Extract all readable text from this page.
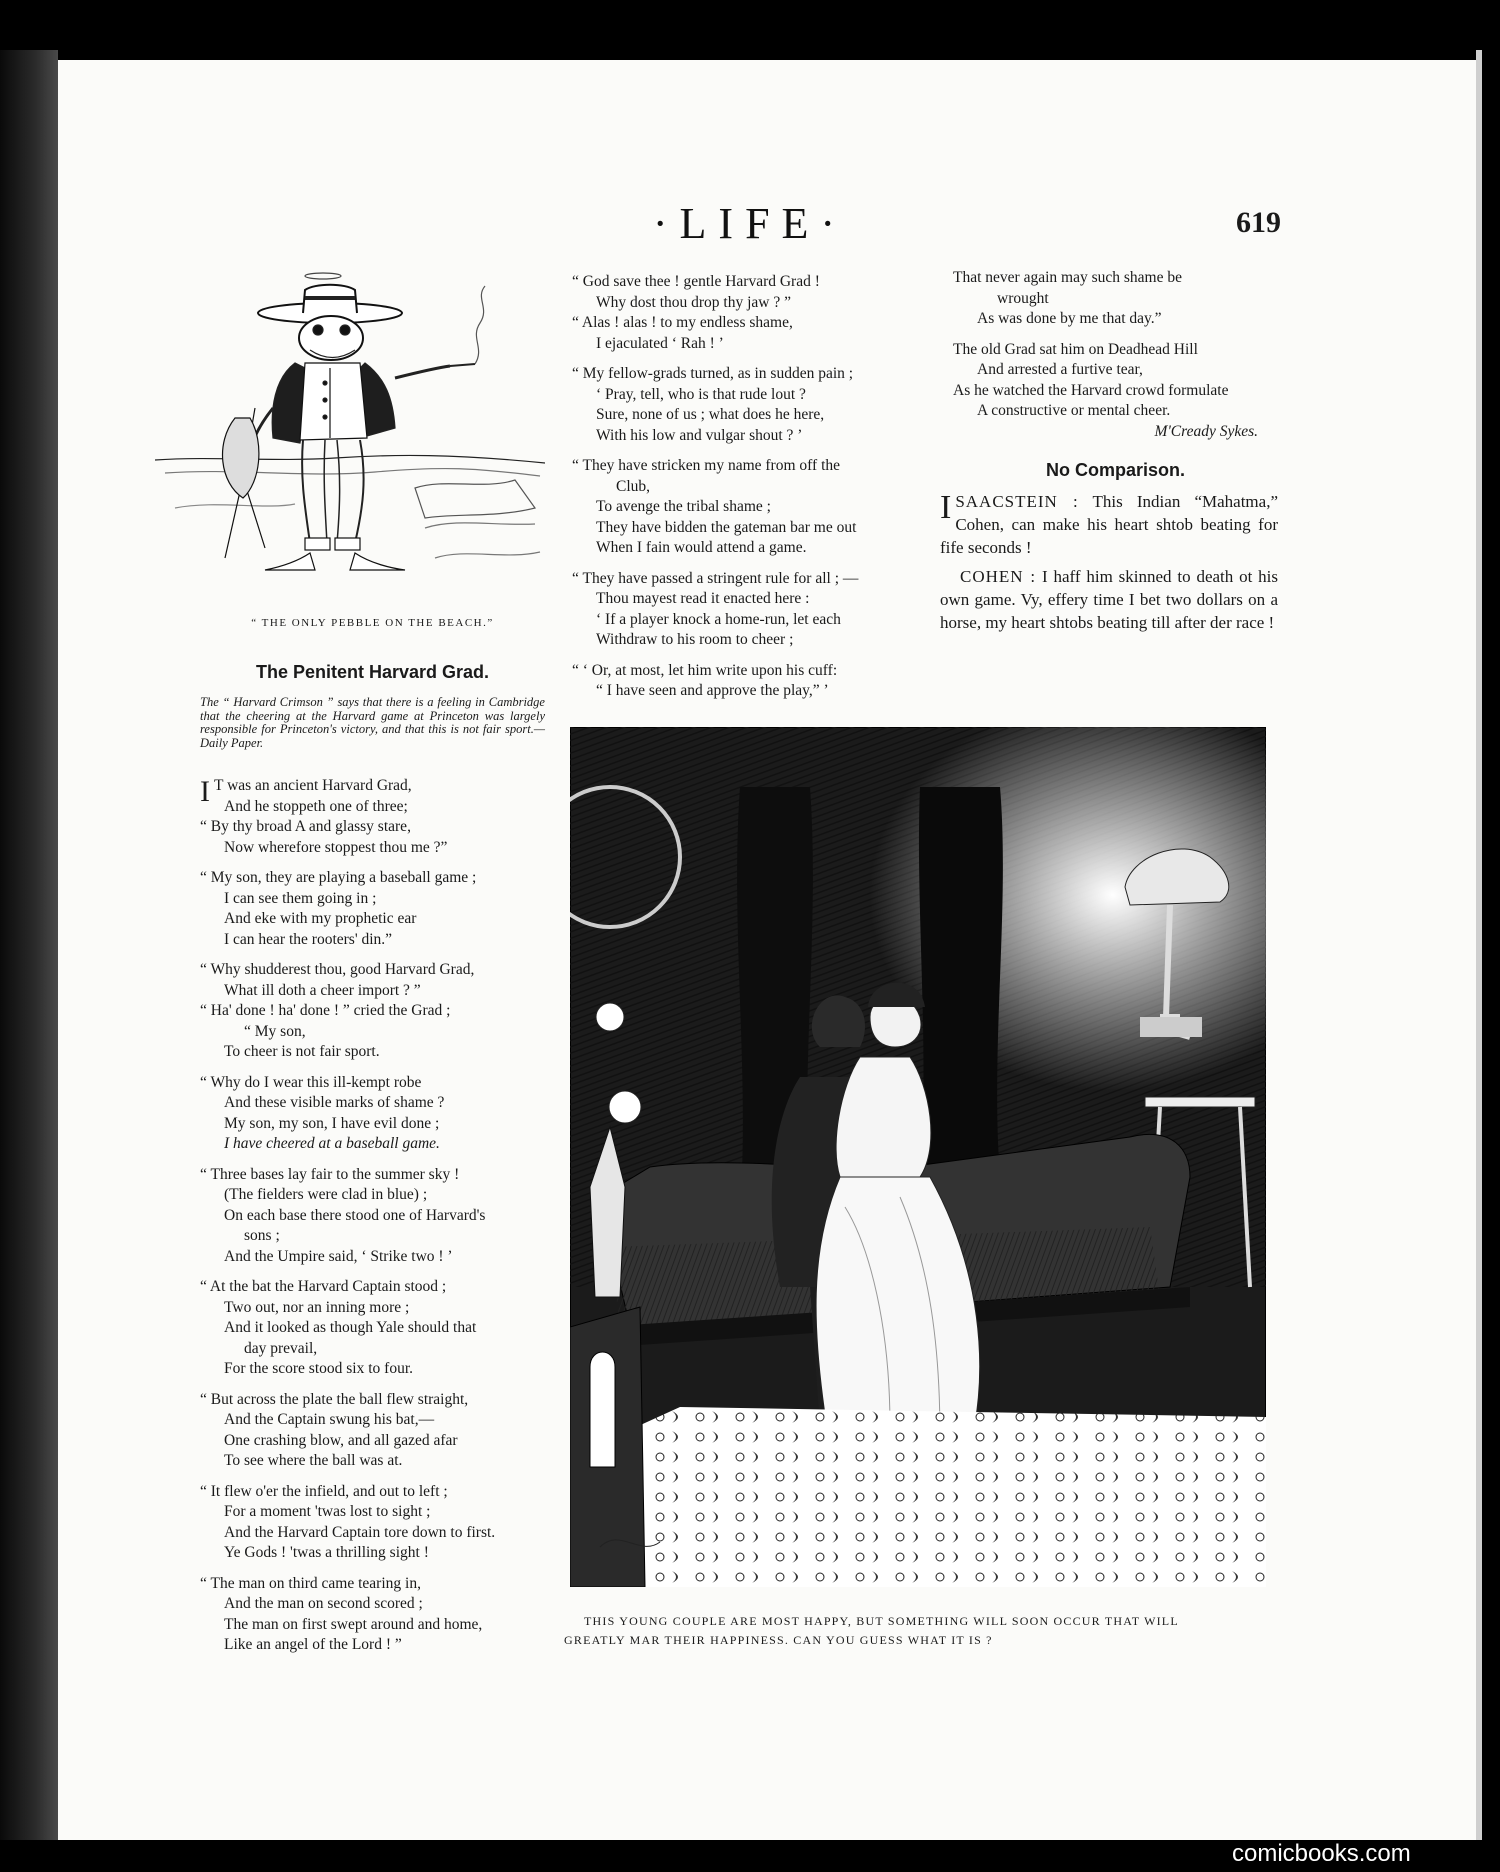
·LIFE·	619
“ THE ONLY PEBBLE ON THE BEACH.”
The Penitent Harvard Grad.
The “ Harvard Crimson ” says that there is a feeling in Cambridge that the cheering at the Harvard game at Princeton was largely responsible for Princeton's victory, and that this is not fair sport.—Daily Paper.
I T was an ancient Harvard Grad,

And he stoppeth one of three;

“ By thy broad A and glassy stare,

Now wherefore stoppest thou me ?”

“ My son, they are playing a baseball game ;

I can see them going in ;

And eke with my prophetic ear

I can hear the rooters' din.”

“ Why shudderest thou, good Harvard Grad,

What ill doth a cheer import ? ”

“ Ha' done ! ha' done ! ” cried the Grad ;

“ My son,

To cheer is not fair sport.

“ Why do I wear this ill-kempt robe

And these visible marks of shame ?

My son, my son, I have evil done ;

I have cheered at a baseball game.

“ Three bases lay fair to the summer sky !

(The fielders were clad in blue) ;

On each base there stood one of Harvard's

sons ;

And the Umpire said, ‘ Strike two ! ’

“ At the bat the Harvard Captain stood ;

Two out, nor an inning more ;

And it looked as though Yale should that

day prevail,

For the score stood six to four.

“ But across the plate the ball flew straight,

And the Captain swung his bat,—

One crashing blow, and all gazed afar

To see where the ball was at.

“ It flew o'er the infield, and out to left ;

For a moment 'twas lost to sight ;

And the Harvard Captain tore down to first.

Ye Gods ! 'twas a thrilling sight !

“ The man on third came tearing in,

And the man on second scored ;

The man on first swept around and home,

Like an angel of the Lord ! ”

“ God save thee ! gentle Harvard Grad !

Why dost thou drop thy jaw ? ”

“ Alas ! alas ! to my endless shame,

I ejaculated ‘ Rah ! ’

“ My fellow-grads turned, as in sudden pain ;

‘ Pray, tell, who is that rude lout ?

Sure, none of us ; what does he here,

With his low and vulgar shout ? ’

“ They have stricken my name from off the

Club,

To avenge the tribal shame ;

They have bidden the gateman bar me out

When I fain would attend a game.

“ They have passed a stringent rule for all ; —

Thou mayest read it enacted here :

‘ If a player knock a home-run, let each

Withdraw to his room to cheer ;

“ ‘ Or, at most, let him write upon his cuff:

“ I have seen and approve the play,” ’

That never again may such shame be

wrought

As was done by me that day.”

The old Grad sat him on Deadhead Hill

And arrested a furtive tear,

As he watched the Harvard crowd formulate

A constructive or mental cheer.

M'Cready Sykes.

No Comparison.

ISAACSTEIN : This Indian “Mahatma,” Cohen, can make his heart shtob beating for fife seconds !

COHEN : I haff him skinned to death ot his own game. Vy, effery time I bet two dollars on a horse, my heart shtobs beating till after der race !

THIS YOUNG COUPLE ARE MOST HAPPY, BUT SOMETHING WILL SOON OCCUR THAT WILL
GREATLY MAR THEIR HAPPINESS. CAN YOU GUESS WHAT IT IS ?
comicbooks.com
